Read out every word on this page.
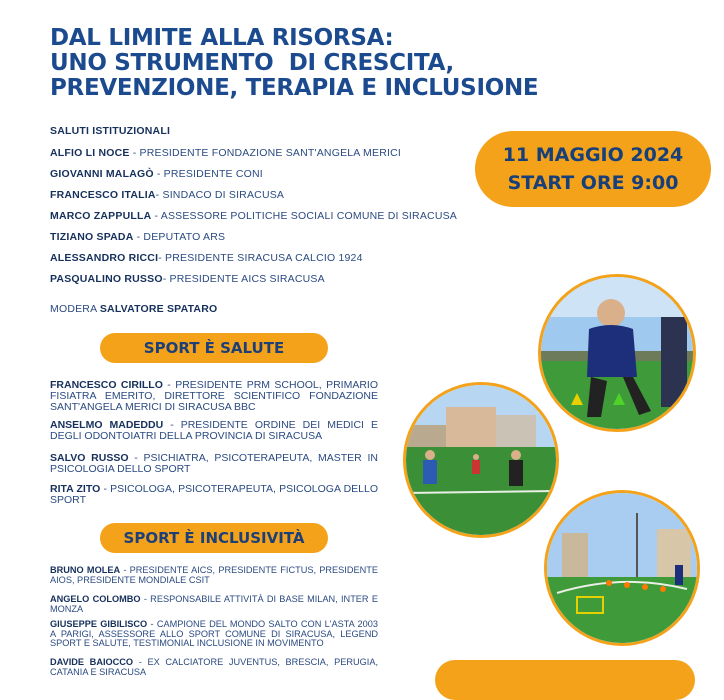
DAL LIMITE ALLA RISORSA:
UNO STRUMENTO  DI CRESCITA,
PREVENZIONE, TERAPIA E INCLUSIONE
SALUTI ISTITUZIONALI
ALFIO LI NOCE - PRESIDENTE FONDAZIONE SANT'ANGELA MERICI
GIOVANNI MALAGÒ - PRESIDENTE CONI
FRANCESCO ITALIA- SINDACO DI SIRACUSA
MARCO ZAPPULLA - ASSESSORE POLITICHE SOCIALI COMUNE DI SIRACUSA
TIZIANO SPADA - DEPUTATO ARS
ALESSANDRO RICCI- PRESIDENTE SIRACUSA CALCIO 1924
PASQUALINO RUSSO- PRESIDENTE AICS SIRACUSA
MODERA SALVATORE SPATARO
11 MAGGIO 2024
START ORE 9:00
SPORT È SALUTE
FRANCESCO CIRILLO - PRESIDENTE PRM SCHOOL, PRIMARIO FISIATRA EMERITO, DIRETTORE SCIENTIFICO FONDAZIONE SANT'ANGELA MERICI DI SIRACUSA BBC
ANSELMO MADEDDU - PRESIDENTE ORDINE DEI MEDICI E DEGLI ODONTOIATRI DELLA PROVINCIA DI SIRACUSA
SALVO RUSSO - PSICHIATRA, PSICOTERAPEUTA, MASTER IN PSICOLOGIA DELLO SPORT
RITA ZITO - PSICOLOGA, PSICOTERAPEUTA, PSICOLOGA DELLO SPORT
SPORT È INCLUSIVITÀ
BRUNO MOLEA - PRESIDENTE AICS, PRESIDENTE FICTUS, PRESIDENTE AIOS, PRESIDENTE MONDIALE CSIT
ANGELO COLOMBO - RESPONSABILE ATTIVITÀ DI BASE MILAN, INTER E MONZA
GIUSEPPE GIBILISCO - CAMPIONE DEL MONDO SALTO CON L'ASTA 2003 A PARIGI, ASSESSORE ALLO SPORT COMUNE DI SIRACUSA, LEGEND SPORT E SALUTE, TESTIMONIAL INCLUSIONE IN MOVIMENTO
DAVIDE BAIOCCO - EX CALCIATORE JUVENTUS, BRESCIA, PERUGIA, CATANIA E SIRACUSA
